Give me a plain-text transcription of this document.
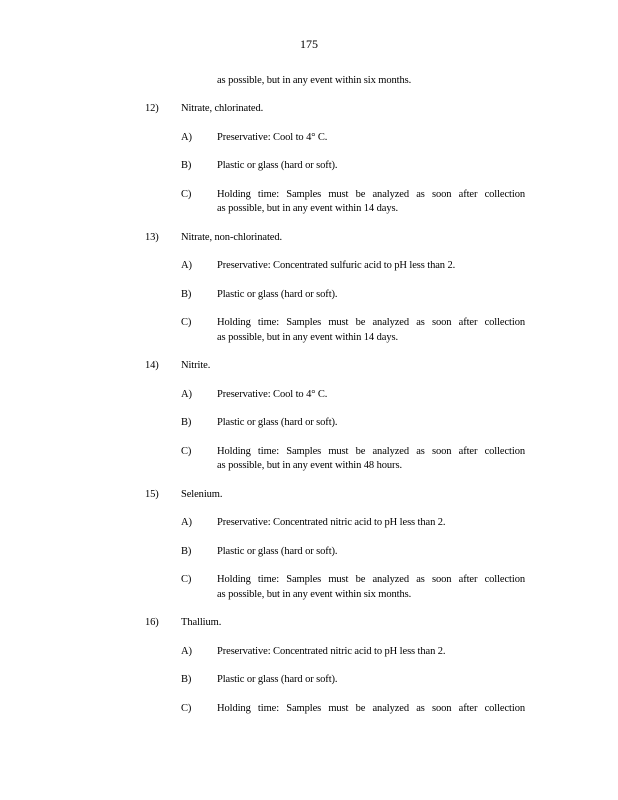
175
as possible, but in any event within six months.
12) Nitrate, chlorinated.
A) Preservative: Cool to 4° C.
B) Plastic or glass (hard or soft).
C) Holding time: Samples must be analyzed as soon after collection
as possible, but in any event within 14 days.
13) Nitrate, non-chlorinated.
A) Preservative: Concentrated sulfuric acid to pH less than 2.
B) Plastic or glass (hard or soft).
C) Holding time: Samples must be analyzed as soon after collection
as possible, but in any event within 14 days.
14) Nitrite.
A) Preservative: Cool to 4° C.
B) Plastic or glass (hard or soft).
C) Holding time: Samples must be analyzed as soon after collection
as possible, but in any event within 48 hours.
15) Selenium.
A) Preservative: Concentrated nitric acid to pH less than 2.
B) Plastic or glass (hard or soft).
C) Holding time: Samples must be analyzed as soon after collection
as possible, but in any event within six months.
16) Thallium.
A) Preservative: Concentrated nitric acid to pH less than 2.
B) Plastic or glass (hard or soft).
C) Holding time: Samples must be analyzed as soon after collection
